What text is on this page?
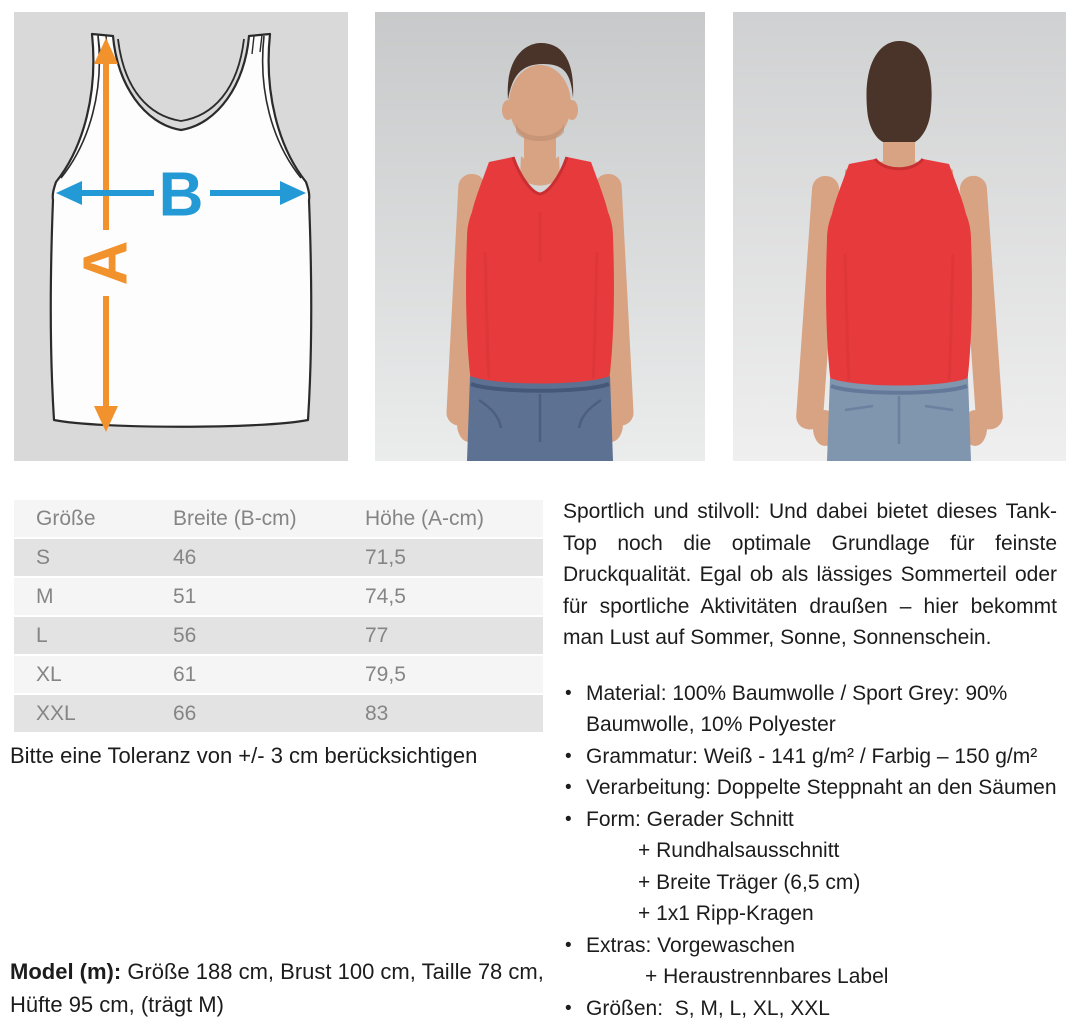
A
B
Größe	Breite (B-cm)	Höhe (A-cm)
S	46	71,5
M	51	74,5
L	56	77
XL	61	79,5
XXL	66	83
Bitte eine Toleranz von +/- 3 cm berücksichtigen
Model (m): Größe 188 cm, Brust 100 cm, Taille 78 cm,
Hüfte 95 cm, (trägt M)

Sportlich und stilvoll: Und dabei bietet dieses Tank-Top noch die optimale Grundlage für feinste Druckqualität. Egal ob als lässiges Sommerteil oder für sportliche Aktivitäten draußen – hier bekommt man Lust auf Sommer, Sonne, Sonnenschein.

• Material: 100% Baumwolle / Sport Grey: 90% Baumwolle, 10% Polyester
• Grammatur: Weiß - 141 g/m² / Farbig – 150 g/m²
• Verarbeitung: Doppelte Steppnaht an den Säumen
• Form: Gerader Schnitt
+ Rundhalsausschnitt
+ Breite Träger (6,5 cm)
+ 1x1 Ripp-Kragen
• Extras: Vorgewaschen
+ Heraustrennbares Label
• Größen:  S, M, L, XL, XXL
